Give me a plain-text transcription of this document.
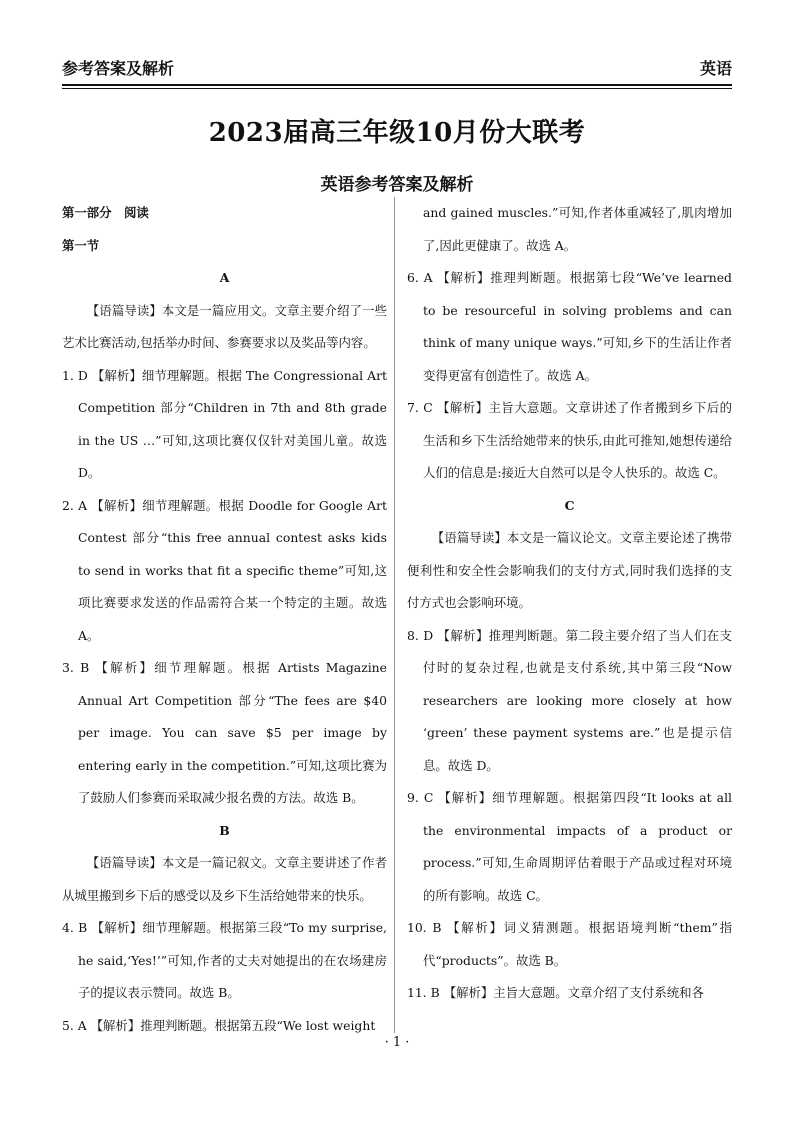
参考答案及解析	英语
2023届高三年级10月份大联考
英语参考答案及解析

第一部分　阅读

第一节

A

【语篇导读】本文是一篇应用文。文章主要介绍了一些艺术比赛活动,包括举办时间、参赛要求以及奖品等内容。

1. D 【解析】细节理解题。根据 The Congressional Art Competition 部分“Children in 7th and 8th grade in the US …”可知,这项比赛仅仅针对美国儿童。故选 D。

2. A 【解析】细节理解题。根据 Doodle for Google Art Contest 部分“this free annual contest asks kids to send in works that fit a specific theme”可知,这项比赛要求发送的作品需符合某一个特定的主题。故选 A。

3. B 【解析】细节理解题。根据 Artists Magazine Annual Art Competition 部分“The fees are $40 per image. You can save $5 per image by entering early in the competition.”可知,这项比赛为了鼓励人们参赛而采取减少报名费的方法。故选 B。

B

【语篇导读】本文是一篇记叙文。文章主要讲述了作者从城里搬到乡下后的感受以及乡下生活给她带来的快乐。

4. B 【解析】细节理解题。根据第三段“To my surprise, he said,‘Yes!’”可知,作者的丈夫对她提出的在农场建房子的提议表示赞同。故选 B。

5. A 【解析】推理判断题。根据第五段“We lost weight

and gained muscles.”可知,作者体重减轻了,肌肉增加了,因此更健康了。故选 A。

6. A 【解析】推理判断题。根据第七段“We’ve learned to be resourceful in solving problems and can think of many unique ways.”可知,乡下的生活让作者变得更富有创造性了。故选 A。

7. C 【解析】主旨大意题。文章讲述了作者搬到乡下后的生活和乡下生活给她带来的快乐,由此可推知,她想传递给人们的信息是:接近大自然可以是令人快乐的。故选 C。

C

【语篇导读】本文是一篇议论文。文章主要论述了携带便利性和安全性会影响我们的支付方式,同时我们选择的支付方式也会影响环境。

8. D 【解析】推理判断题。第二段主要介绍了当人们在支付时的复杂过程,也就是支付系统,其中第三段“Now researchers are looking more closely at how ‘green’ these payment systems are.”也是提示信息。故选 D。

9. C 【解析】细节理解题。根据第四段“It looks at all the environmental impacts of a product or process.”可知,生命周期评估着眼于产品或过程对环境的所有影响。故选 C。

10. B 【解析】词义猜测题。根据语境判断“them”指代“products”。故选 B。

11. B 【解析】主旨大意题。文章介绍了支付系统和各

· 1 ·
